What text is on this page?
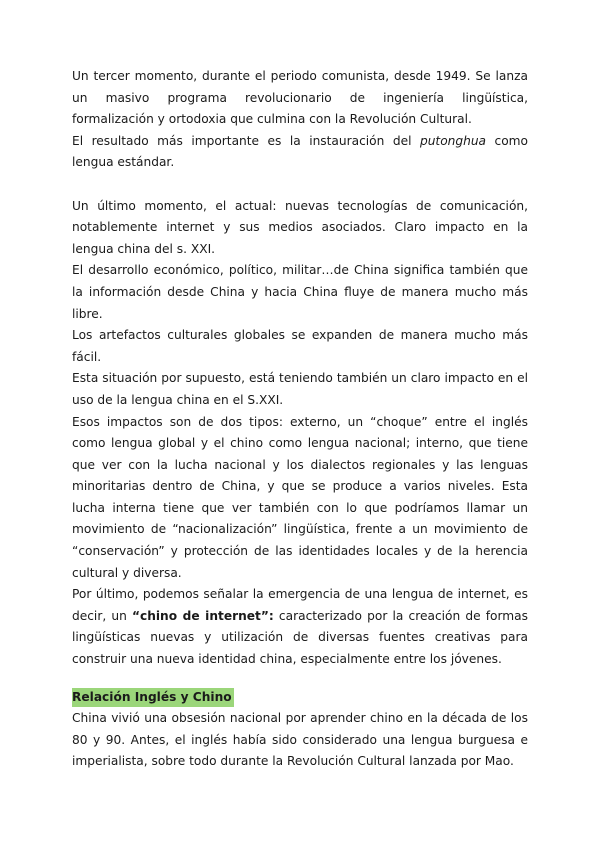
Un tercer momento, durante el periodo comunista, desde 1949. Se lanza un masivo programa revolucionario de ingeniería lingüística, formalización y ortodoxia que culmina con la Revolución Cultural.

El resultado más importante es la instauración del putonghua como lengua estándar.

Un último momento, el actual: nuevas tecnologías de comunicación, notablemente internet y sus medios asociados. Claro impacto en la lengua china del s. XXI.

El desarrollo económico, político, militar…de China significa también que la información desde China y hacia China fluye de manera mucho más libre.

Los artefactos culturales globales se expanden de manera mucho más fácil.

Esta situación por supuesto, está teniendo también un claro impacto en el uso de la lengua china en el S.XXI.

Esos impactos son de dos tipos: externo, un “choque” entre el inglés como lengua global y el chino como lengua nacional; interno, que tiene que ver con la lucha nacional y los dialectos regionales y las lenguas minoritarias dentro de China, y que se produce a varios niveles. Esta lucha interna tiene que ver también con lo que podríamos llamar un movimiento de “nacionalización” lingüística, frente a un movimiento de “conservación” y protección de las identidades locales y de la herencia cultural y diversa.

Por último, podemos señalar la emergencia de una lengua de internet, es decir, un “chino de internet”: caracterizado por la creación de formas lingüísticas nuevas y utilización de diversas fuentes creativas para construir una nueva identidad china, especialmente entre los jóvenes.

Relación Inglés y Chino

China vivió una obsesión nacional por aprender chino en la década de los 80 y 90. Antes, el inglés había sido considerado una lengua burguesa e imperialista, sobre todo durante la Revolución Cultural lanzada por Mao.
